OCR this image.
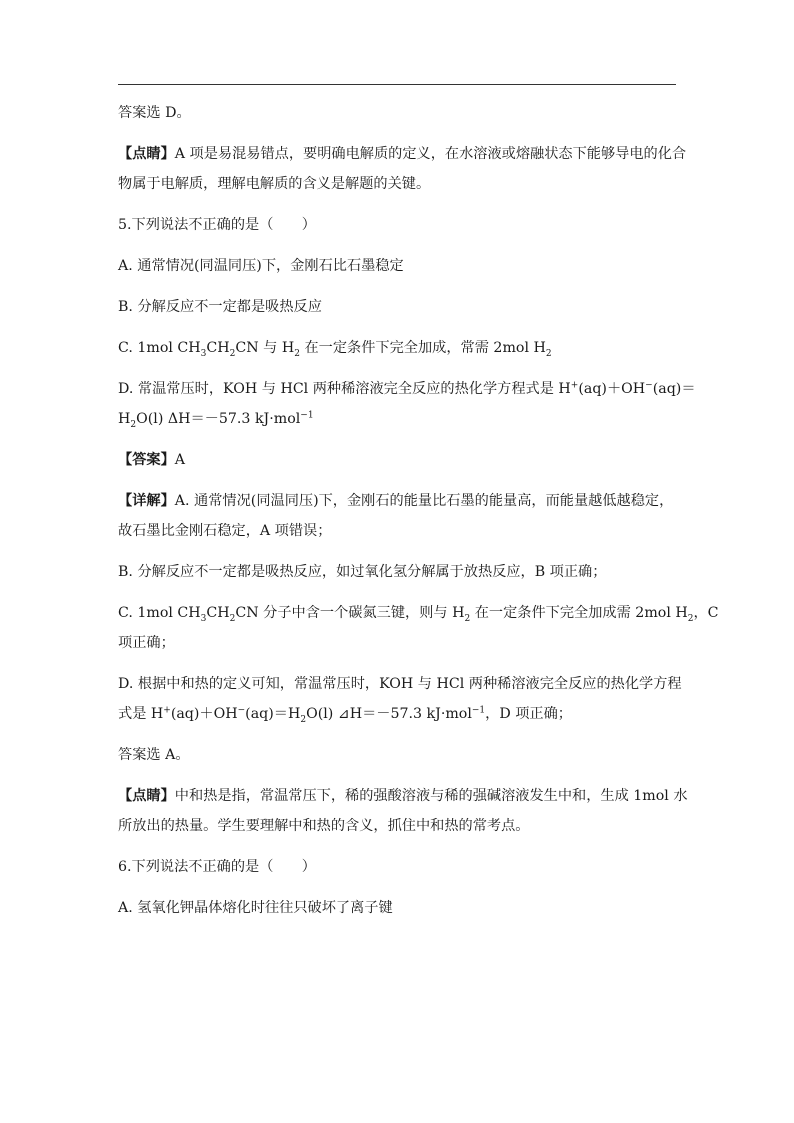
答案选 D。

【点睛】A 项是易混易错点，要明确电解质的定义，在水溶液或熔融状态下能够导电的化合

物属于电解质，理解电解质的含义是解题的关键。

5.下列说法不正确的是（　　）

A. 通常情况(同温同压)下，金刚石比石墨稳定

B. 分解反应不一定都是吸热反应

C. 1mol $CH_3CH_2CN$ 与 $H_2$ 在一定条件下完全加成，常需 2mol $H_2$

D. 常温常压时，KOH 与 HCl 两种稀溶液完全反应的热化学方程式是 H+(aq)＋OH−(aq)＝

$H_2O(l)$ ΔH＝－57.3 kJ·mol$^{-1}$

【答案】A

【详解】A. 通常情况(同温同压)下，金刚石的能量比石墨的能量高，而能量越低越稳定，

故石墨比金刚石稳定，A 项错误；

B. 分解反应不一定都是吸热反应，如过氧化氢分解属于放热反应，B 项正确；

C. 1mol $CH_3CH_2CN$ 分子中含一个碳氮三键，则与 $H_2$ 在一定条件下完全加成需 2mol $H_2$，C

项正确；

D. 根据中和热的定义可知，常温常压时，KOH 与 HCl 两种稀溶液完全反应的热化学方程

式是 $H^+(aq)+OH^-(aq)=H_2O(l)$ ⊿H＝－57.3 kJ·mol$^{-1}$，D 项正确；

答案选 A。

【点睛】中和热是指，常温常压下，稀的强酸溶液与稀的强碱溶液发生中和，生成 1mol 水

所放出的热量。学生要理解中和热的含义，抓住中和热的常考点。

6.下列说法不正确的是（　　）

A. 氢氧化钾晶体熔化时往往只破坏了离子键
